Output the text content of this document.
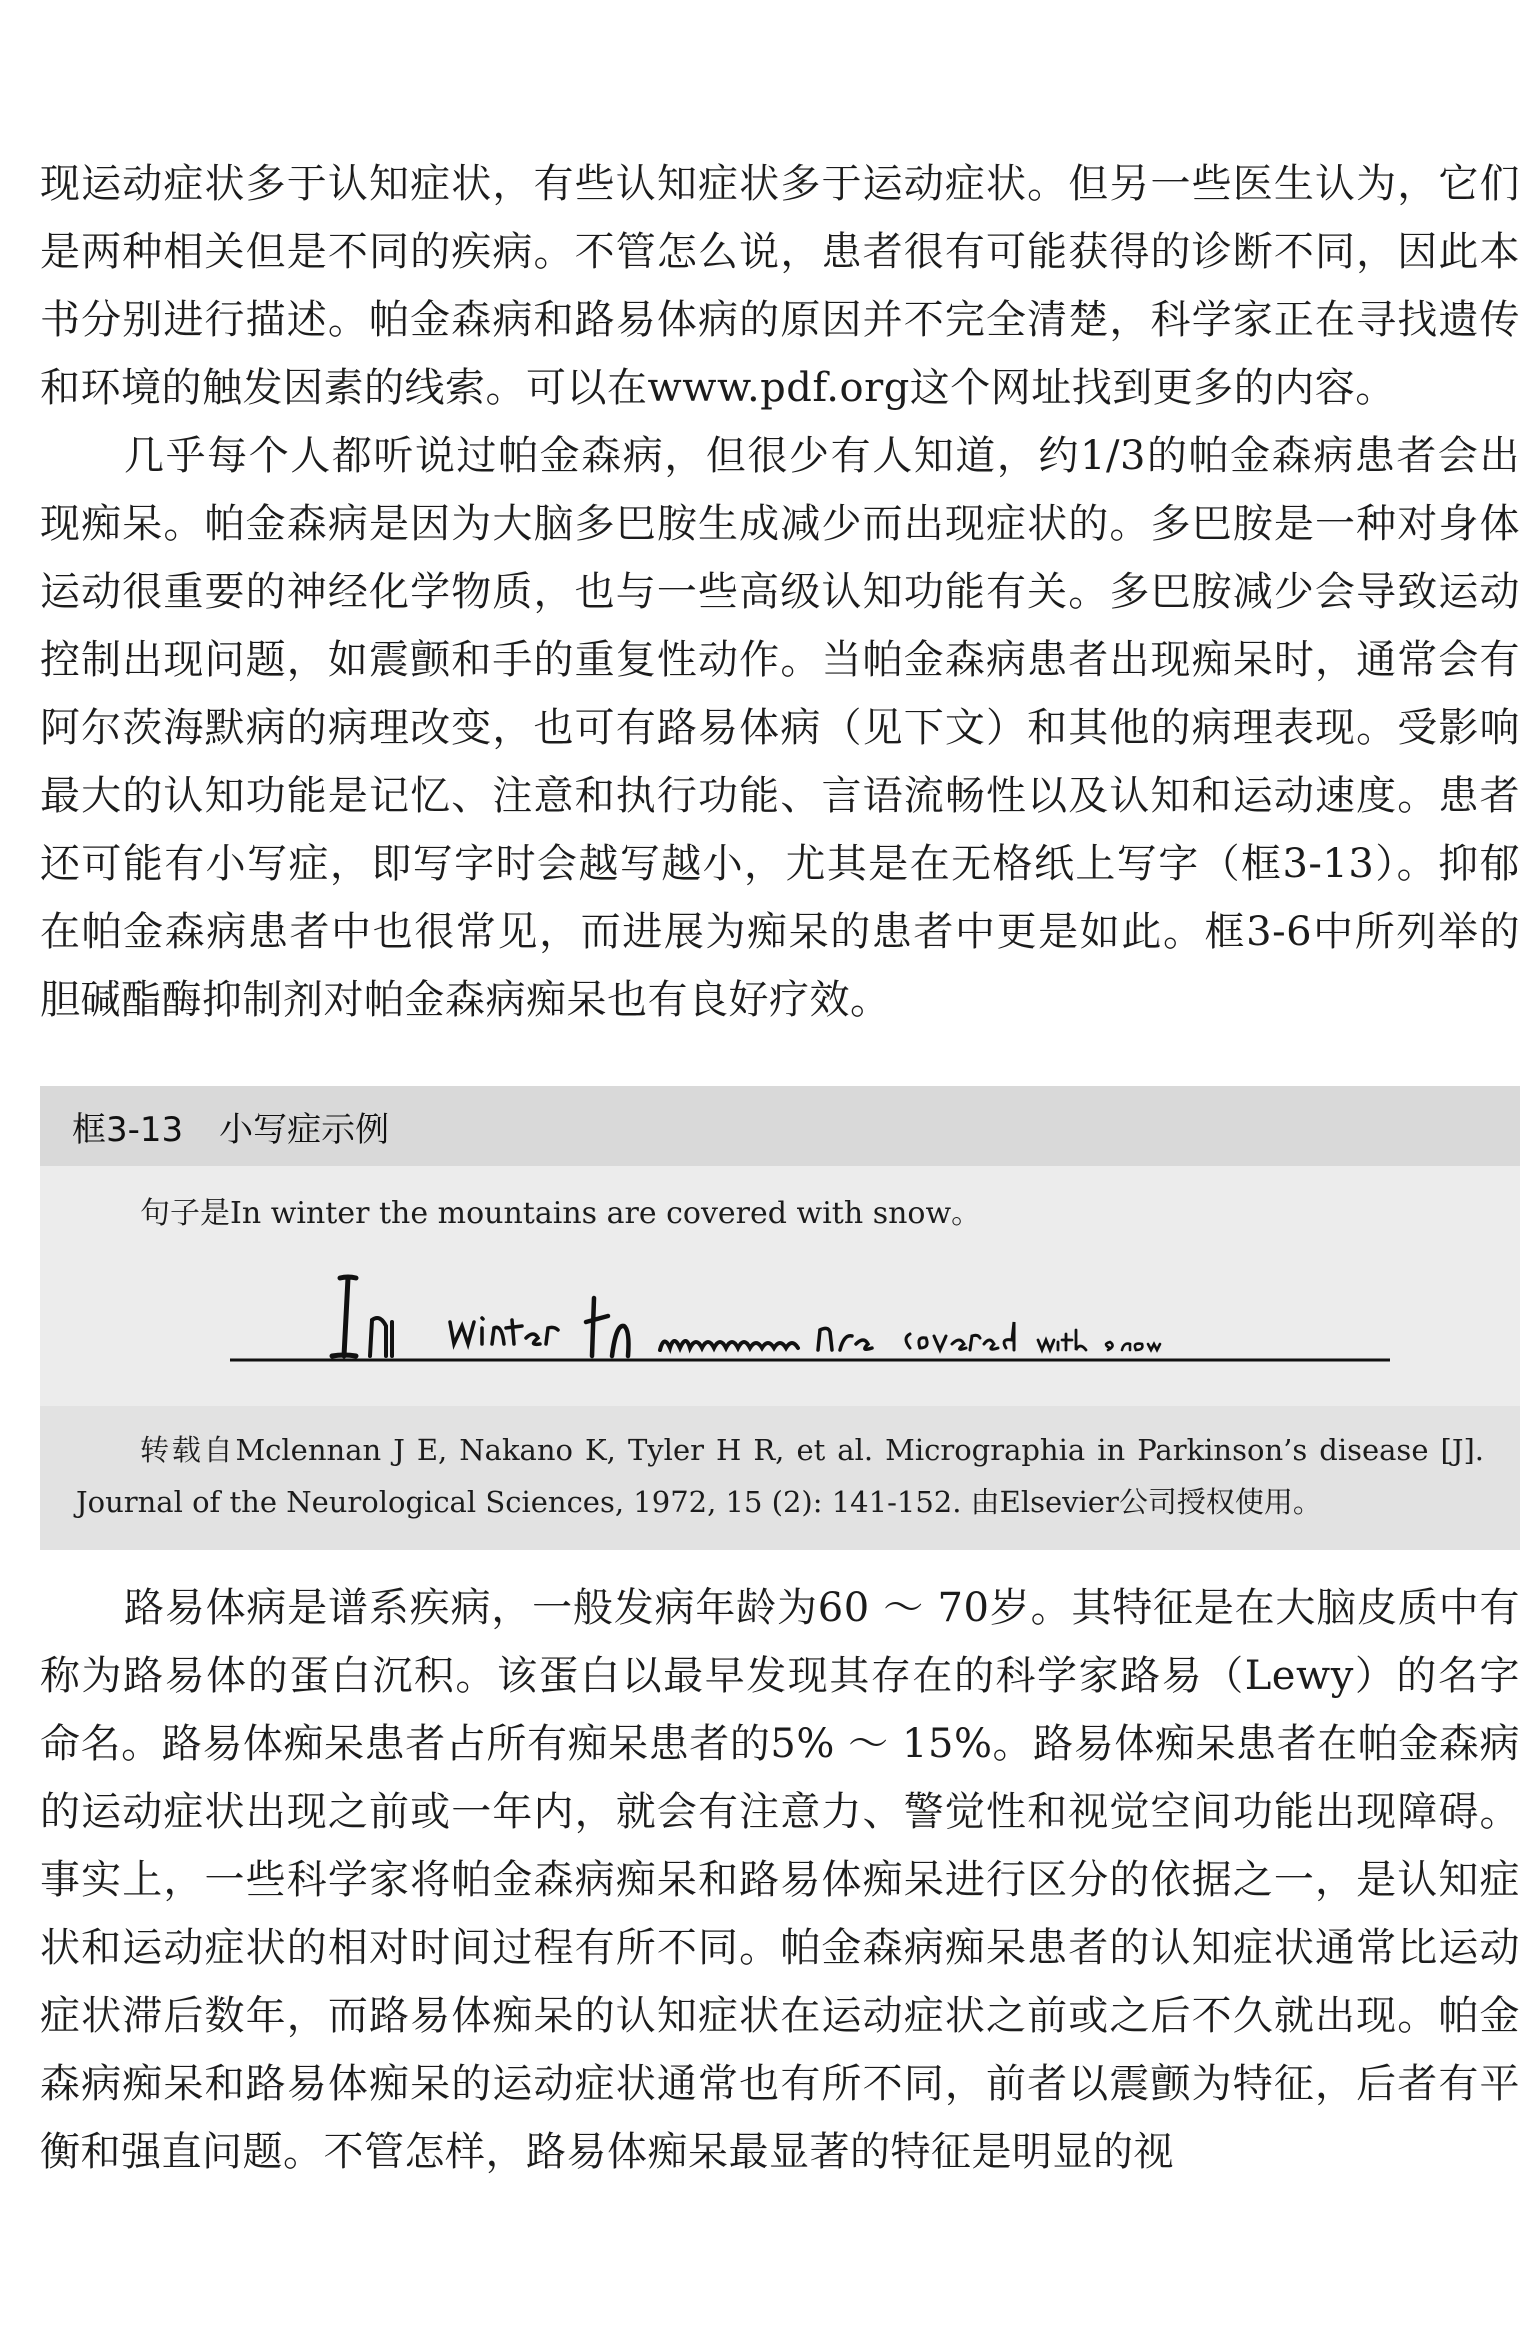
现运动症状多于认知症状，有些认知症状多于运动症状。但另一些医生认为，它们是两种相关但是不同的疾病。不管怎么说，患者很有可能获得的诊断不同，因此本书分别进行描述。帕金森病和路易体病的原因并不完全清楚，科学家正在寻找遗传和环境的触发因素的线索。可以在www.pdf.org这个网址找到更多的内容。

几乎每个人都听说过帕金森病，但很少有人知道，约1/3的帕金森病患者会出现痴呆。帕金森病是因为大脑多巴胺生成减少而出现症状的。多巴胺是一种对身体运动很重要的神经化学物质，也与一些高级认知功能有关。多巴胺减少会导致运动控制出现问题，如震颤和手的重复性动作。当帕金森病患者出现痴呆时，通常会有阿尔茨海默病的病理改变，也可有路易体病（见下文）和其他的病理表现。受影响最大的认知功能是记忆、注意和执行功能、言语流畅性以及认知和运动速度。患者还可能有小写症，即写字时会越写越小，尤其是在无格纸上写字（框3-13）。抑郁在帕金森病患者中也很常见，而进展为痴呆的患者中更是如此。框3-6中所列举的胆碱酯酶抑制剂对帕金森病痴呆也有良好疗效。

框3-13 小写症示例

句子是In winter the mountains are covered with snow。

转载自Mclennan J E, Nakano K, Tyler H R, et al. Micrographia in Parkinson’s disease [J]. Journal of the Neurological Sciences, 1972, 15 (2): 141-152. 由Elsevier公司授权使用。

路易体病是谱系疾病，一般发病年龄为60 ～ 70岁。其特征是在大脑皮质中有称为路易体的蛋白沉积。该蛋白以最早发现其存在的科学家路易（Lewy）的名字命名。路易体痴呆患者占所有痴呆患者的5% ～ 15%。路易体痴呆患者在帕金森病的运动症状出现之前或一年内，就会有注意力、警觉性和视觉空间功能出现障碍。事实上，一些科学家将帕金森病痴呆和路易体痴呆进行区分的依据之一，是认知症状和运动症状的相对时间过程有所不同。帕金森病痴呆患者的认知症状通常比运动症状滞后数年，而路易体痴呆的认知症状在运动症状之前或之后不久就出现。帕金森病痴呆和路易体痴呆的运动症状通常也有所不同，前者以震颤为特征，后者有平衡和强直问题。不管怎样，路易体痴呆最显著的特征是明显的视
